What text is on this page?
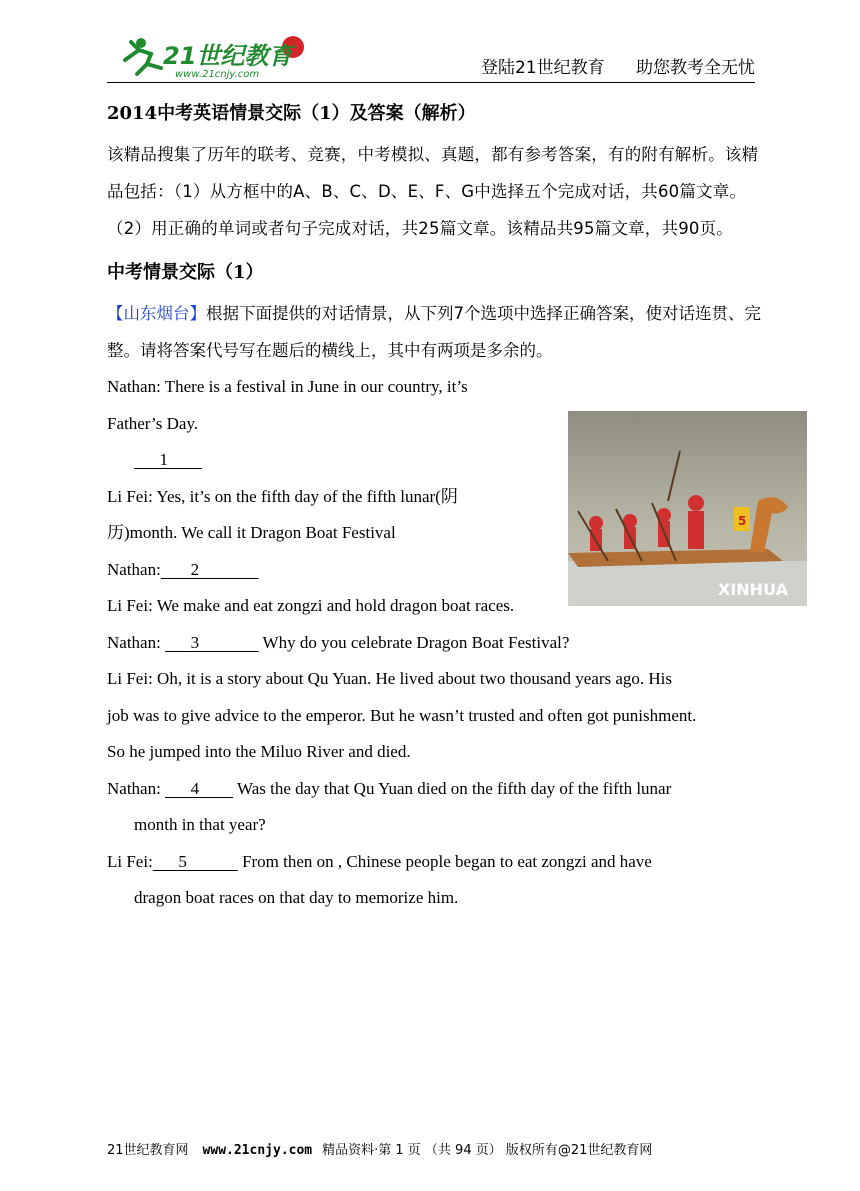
21世纪教育
www.21cnjy.com	登陆21世纪教育 助您教考全无忧

2014中考英语情景交际（1）及答案（解析）

该精品搜集了历年的联考、竞赛，中考模拟、真题，都有参考答案，有的附有解析。该精品包括：（1）从方框中的A、B、C、D、E、F、G中选择五个完成对话，共60篇文章。（2）用正确的单词或者句子完成对话，共25篇文章。该精品共95篇文章，共90页。

中考情景交际（1）

【山东烟台】根据下面提供的对话情景，从下列7个选项中选择正确答案，使对话连贯、完整。请将答案代号写在题后的横线上，其中有两项是多余的。

Nathan: There is a festival in June in our country, it’s

Father’s Day.

1

Li Fei: Yes, it’s on the fifth day of the fifth lunar(阴

历)month. We call it Dragon Boat Festival

Nathan: 2

Li Fei: We make and eat zongzi and hold dragon boat races.

Nathan: 3	Why do you celebrate Dragon Boat Festival?

Li Fei: Oh, it is a story about Qu Yuan. He lived about two thousand years ago. His

job was to give advice to the emperor. But he wasn’t trusted and often got punishment.

So he jumped into the Miluo River and died.

Nathan: 4 Was the day that Qu Yuan died on the fifth day of the fifth lunar

month in that year?

Li Fei: 5	From then on , Chinese people began to eat zongzi and have

dragon boat races on that day to memorize him.

5
XINHUA
21世纪教育网 www.21cnjy.com 精品资料·第 1 页 （共 94 页） 版权所有@21世纪教育网
